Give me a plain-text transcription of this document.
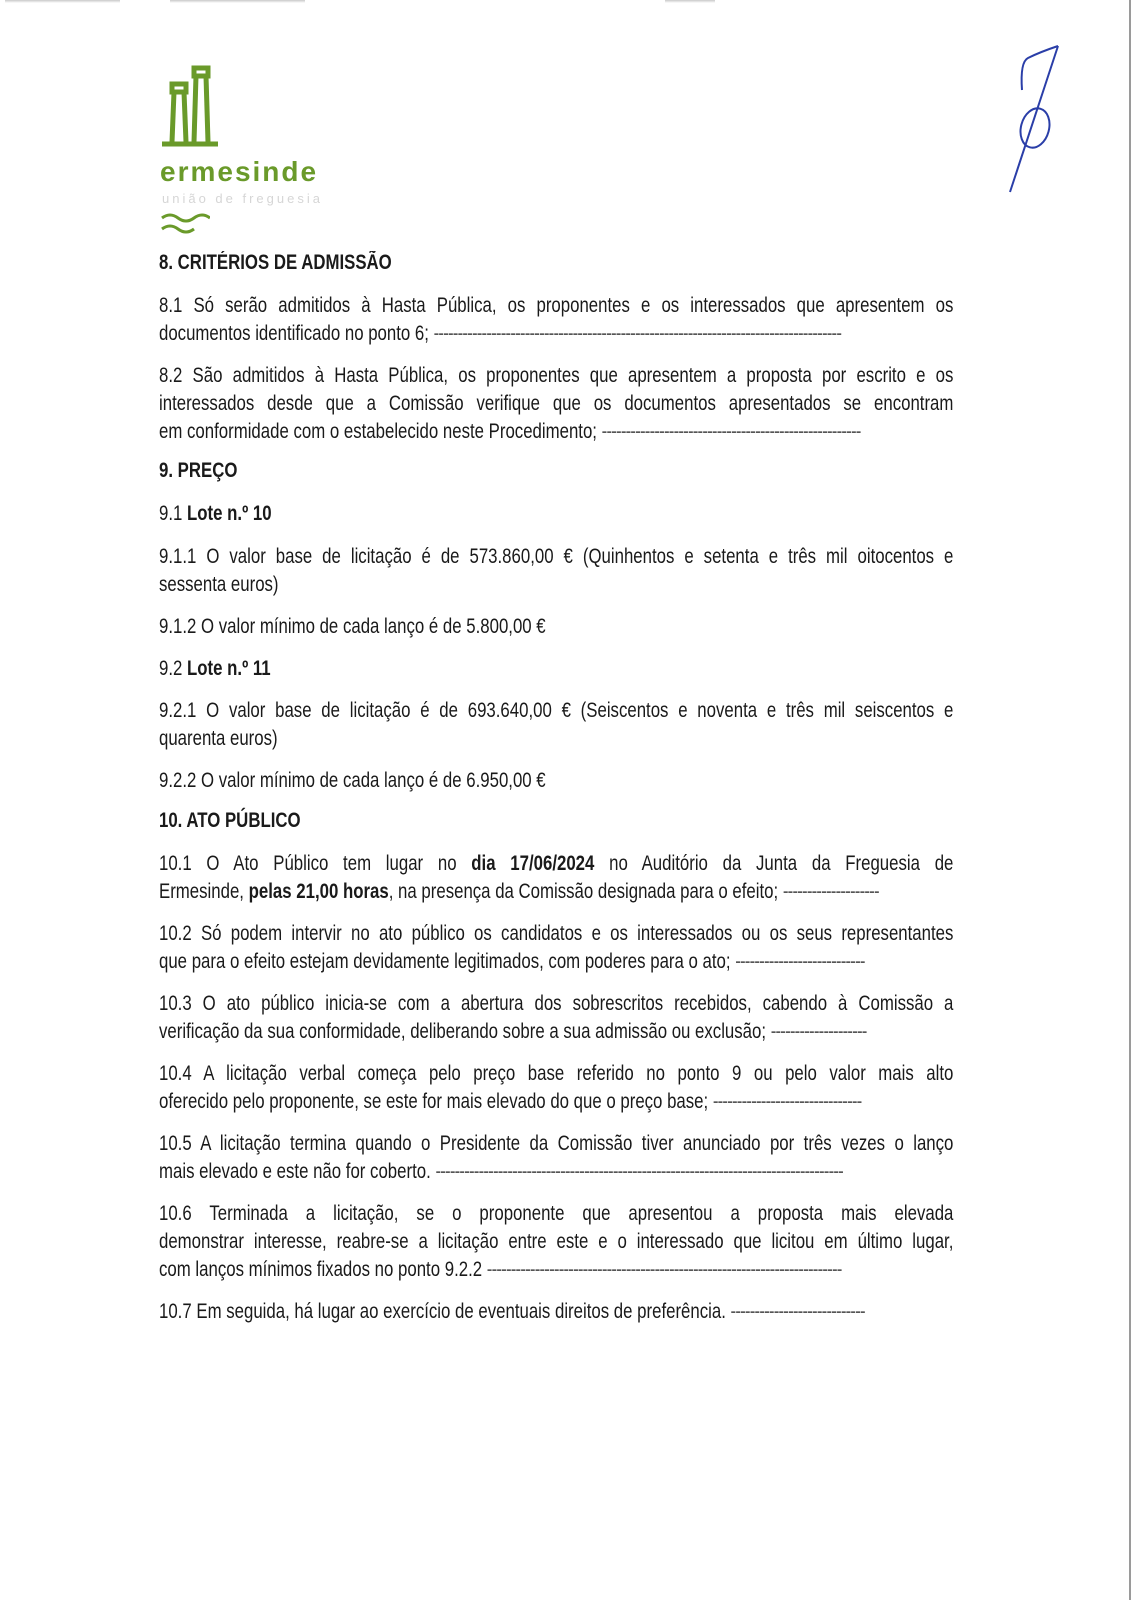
ermesinde
união de freguesia
8. CRITÉRIOS DE ADMISSÃO
8.1 Só serão admitidos à Hasta Pública, os proponentes e os interessados que apresentem os
documentos identificado no ponto 6; -------------------------------------------------------------------------------------
8.2 São admitidos à Hasta Pública, os proponentes que apresentem a proposta por escrito e os
interessados desde que a Comissão verifique que os documentos apresentados se encontram
em conformidade com o estabelecido neste Procedimento; ------------------------------------------------------
9. PREÇO
9.1 Lote n.º 10
9.1.1 O valor base de licitação é de 573.860,00 € (Quinhentos e setenta e três mil oitocentos e
sessenta euros)
9.1.2 O valor mínimo de cada lanço é de 5.800,00 €
9.2 Lote n.º 11
9.2.1 O valor base de licitação é de 693.640,00 € (Seiscentos e noventa e três mil seiscentos e
quarenta euros)
9.2.2 O valor mínimo de cada lanço é de 6.950,00 €
10. ATO PÚBLICO
10.1 O Ato Público tem lugar no dia 17/06/2024 no Auditório da Junta da Freguesia de
Ermesinde, pelas 21,00 horas, na presença da Comissão designada para o efeito; --------------------
10.2 Só podem intervir no ato público os candidatos e os interessados ou os seus representantes
que para o efeito estejam devidamente legitimados, com poderes para o ato; ---------------------------
10.3 O ato público inicia-se com a abertura dos sobrescritos recebidos, cabendo à Comissão a
verificação da sua conformidade, deliberando sobre a sua admissão ou exclusão; --------------------
10.4 A licitação verbal começa pelo preço base referido no ponto 9 ou pelo valor mais alto
oferecido pelo proponente, se este for mais elevado do que o preço base; -------------------------------
10.5 A licitação termina quando o Presidente da Comissão tiver anunciado por três vezes o lanço
mais elevado e este não for coberto. -------------------------------------------------------------------------------------
10.6 Terminada a licitação, se o proponente que apresentou a proposta mais elevada
demonstrar interesse, reabre-se a licitação entre este e o interessado que licitou em último lugar,
com lanços mínimos fixados no ponto 9.2.2 --------------------------------------------------------------------------
10.7 Em seguida, há lugar ao exercício de eventuais direitos de preferência. ----------------------------
